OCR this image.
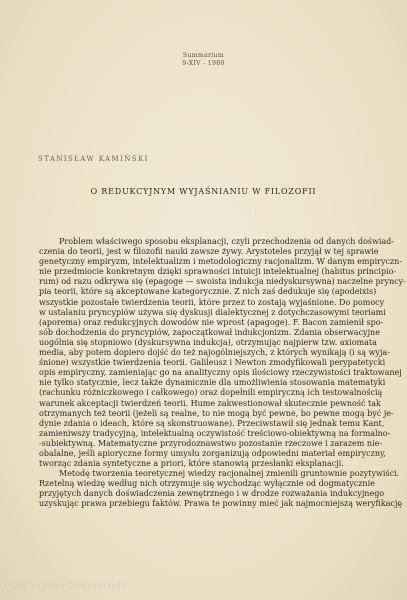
Summarium
9-XIV - 1980
STANISŁAW KAMIŃSKI
O REDUKCYJNYM WYJAŚNIANIU W FILOZOFII
·
Problem właściwego sposobu eksplanacji, czyli przechodzenia od danych doświad-
czenia do teorii, jest w filozofii nauki zawsze żywy. Arystoteles przyjął w tej sprawie
genetyczny empiryzm, intelektualizm i metodologiczny racjonalizm. W danym empiryczn-
nie przedmiocie konkretnym dzięki sprawności intuicji intelektualnej (habitus principio-
rum) od razu odkrywa się (epagoge — swoista indukcja niedyskursywna) naczelne pryncy-
pia teorii, które są akceptowane kategorycznie. Z nich zaś dedukuje się (apodeixis)
wszystkie pozostałe twierdzenia teorii, które przez to zostają wyjaśnione. Do pomocy
w ustalaniu pryncypiów używa się dyskusji dialektycznej z dotychczasowymi teoriami
(aporema) oraz redukcyjnych dowodów nie wprost (apagoge). F. Bacon zamienił spo-
sób dochodzenia do pryncypiów, zapoczątkował indukcjonizm. Zdania obserwacyjne
uogólnia się stopniowo (dyskursywna indukcja), otrzymując najpierw tzw. axiomata
media, aby potem dopiero dojść do też najogólniejszych, z których wynikają (i są wyja-
śnione) wszystkie twierdzenia teorii. Galileusz i Newton zmodyfikowali perypatetycki
opis empiryczny, zamieniając go na analityczny opis ilościowy rzeczywistości traktowanej
nie tylko statycznie, lecz także dynamicznie dla umożliwienia stosowania matematyki
(rachunku różniczkowego i całkowego) oraz dopełnili empiryczną ich testowalnością
warunek akceptacji twierdzeń teorii. Hume zakwestionował skutecznie pewność tak
otrzymanych też teorii (jeżeli są realne, to nie mogą być pewne, bo pewne mogą być je-
dynie zdania o ideach, które są skonstruowane). Przeciwstawił się jednak temu Kant,
zamieniwszy tradycyjną, intelektualną oczywistość treściowo-obiektywną na formalno-
-subiektywną. Matematyczne przyrodoznawstwo pozostanie rzeczowe i zarazem nie-
obalalne, jeśli apioryczne formy umysłu zorganizują odpowiedni materiał empiryczny,
tworząc zdania syntetyczne a priori, które stanowią przesłanki eksplanacji.
Metodę tworzenia teoretycznej wiedzy racjonalnej zmienili gruntownie pozytywiści.
Rzetelną wiedzę według nich otrzymuje się wychodząc wyłącznie od dogmatycznie
przyjętych danych doświadczenia zewnętrznego i w drodze rozważania indukcyjnego
uzyskując prawa przebiegu faktów. Prawa te powinny mieć jak najmocniejszą weryfikację
Pielgrzamosa Kelgrantnub
